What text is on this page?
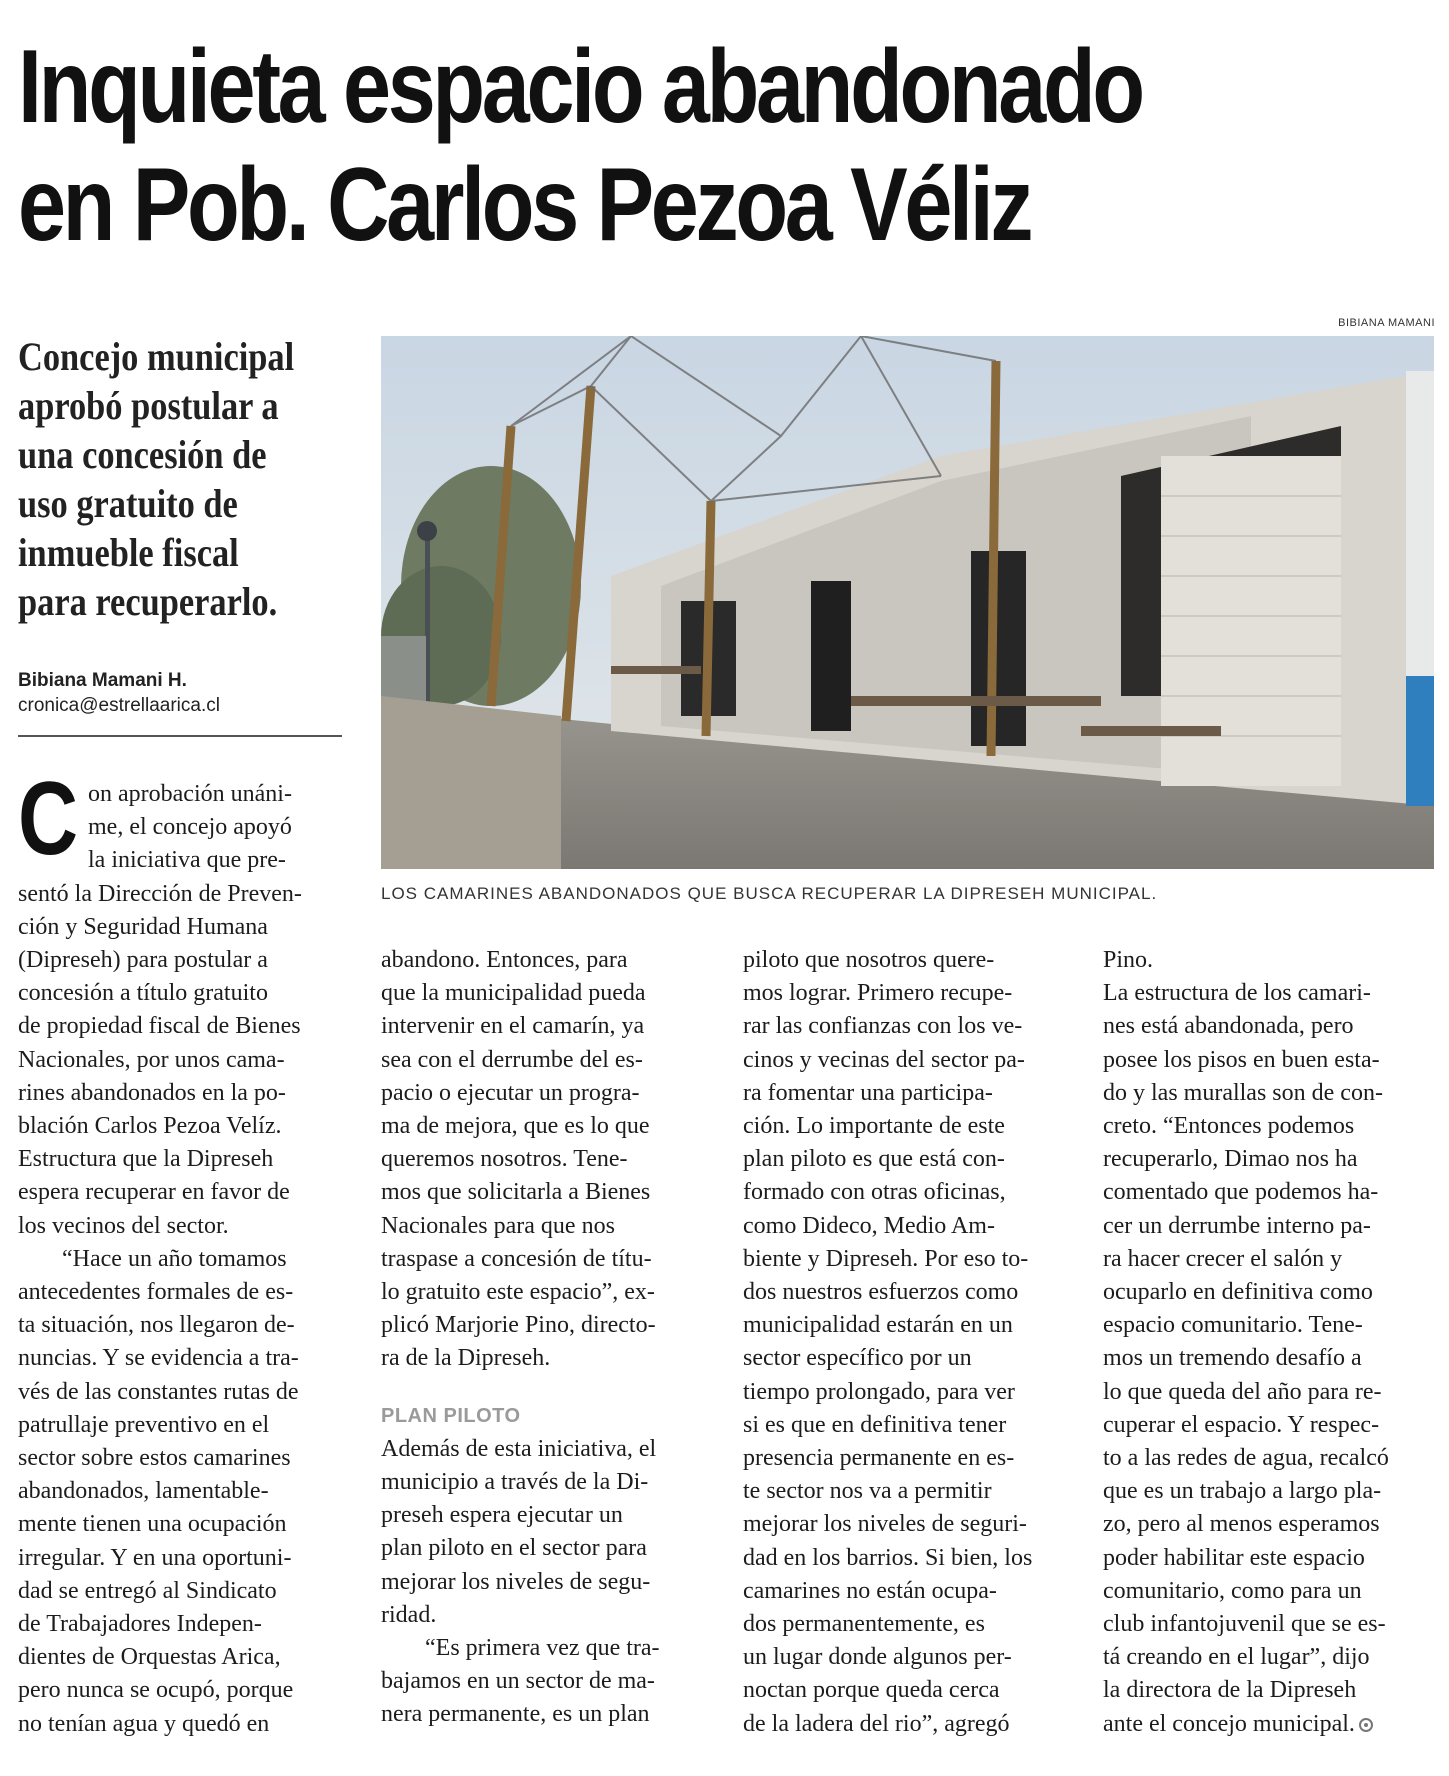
Inquieta espacio abandonado
en Pob. Carlos Pezoa Véliz
BIBIANA MAMANI
LOS CAMARINES ABANDONADOS QUE BUSCA RECUPERAR LA DIPRESEH MUNICIPAL.
Concejo municipal
aprobó postular a
una concesión de
uso gratuito de
inmueble fiscal
para recuperarlo.
Bibiana Mamani H.
cronica@estrellaarica.cl
C on aprobación unáni-
me, el concejo apoyó
la iniciativa que pre-
sentó la Dirección de Preven-
ción y Seguridad Humana
(Dipreseh) para postular a
concesión a título gratuito
de propiedad fiscal de Bienes
Nacionales, por unos cama-
rines abandonados en la po-
blación Carlos Pezoa Velíz.
Estructura que la Dipreseh
espera recuperar en favor de
los vecinos del sector.
“Hace un año tomamos
antecedentes formales de es-
ta situación, nos llegaron de-
nuncias. Y se evidencia a tra-
vés de las constantes rutas de
patrullaje preventivo en el
sector sobre estos camarines
abandonados, lamentable-
mente tienen una ocupación
irregular. Y en una oportuni-
dad se entregó al Sindicato
de Trabajadores Indepen-
dientes de Orquestas Arica,
pero nunca se ocupó, porque
no tenían agua y quedó en
abandono. Entonces, para
que la municipalidad pueda
intervenir en el camarín, ya
sea con el derrumbe del es-
pacio o ejecutar un progra-
ma de mejora, que es lo que
queremos nosotros. Tene-
mos que solicitarla a Bienes
Nacionales para que nos
traspase a concesión de títu-
lo gratuito este espacio”, ex-
plicó Marjorie Pino, directo-
ra de la Dipreseh.
PLAN PILOTO
Además de esta iniciativa, el
municipio a través de la Di-
preseh espera ejecutar un
plan piloto en el sector para
mejorar los niveles de segu-
ridad.
“Es primera vez que tra-
bajamos en un sector de ma-
nera permanente, es un plan
piloto que nosotros quere-
mos lograr. Primero recupe-
rar las confianzas con los ve-
cinos y vecinas del sector pa-
ra fomentar una participa-
ción. Lo importante de este
plan piloto es que está con-
formado con otras oficinas,
como Dideco, Medio Am-
biente y Dipreseh. Por eso to-
dos nuestros esfuerzos como
municipalidad estarán en un
sector específico por un
tiempo prolongado, para ver
si es que en definitiva tener
presencia permanente en es-
te sector nos va a permitir
mejorar los niveles de seguri-
dad en los barrios. Si bien, los
camarines no están ocupa-
dos permanentemente, es
un lugar donde algunos per-
noctan porque queda cerca
de la ladera del rio”, agregó
Pino.
La estructura de los camari-
nes está abandonada, pero
posee los pisos en buen esta-
do y las murallas son de con-
creto. “Entonces podemos
recuperarlo, Dimao nos ha
comentado que podemos ha-
cer un derrumbe interno pa-
ra hacer crecer el salón y
ocuparlo en definitiva como
espacio comunitario. Tene-
mos un tremendo desafío a
lo que queda del año para re-
cuperar el espacio. Y respec-
to a las redes de agua, recalcó
que es un trabajo a largo pla-
zo, pero al menos esperamos
poder habilitar este espacio
comunitario, como para un
club infantojuvenil que se es-
tá creando en el lugar”, dijo
la directora de la Dipreseh
ante el concejo municipal.
